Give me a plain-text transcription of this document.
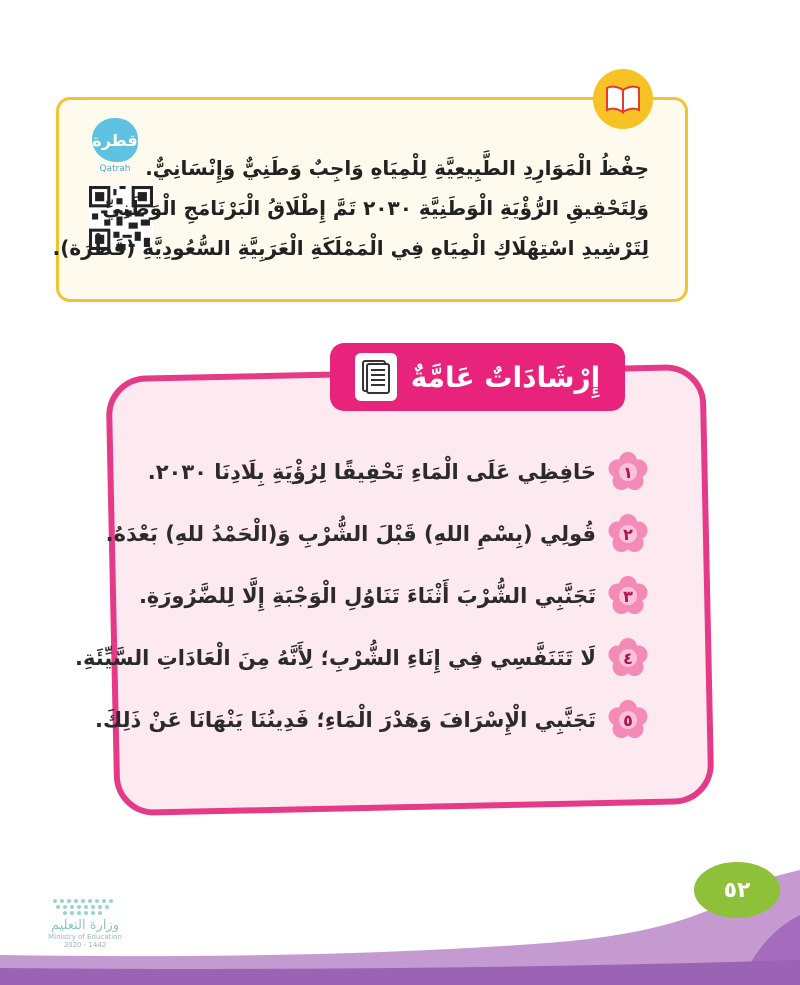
قطرة
Qatrah حِفْظُ الْمَوَارِدِ الطَّبِيعِيَّةِ لِلْمِيَاهِ وَاجِبٌ وَطَنِيٌّ وَإِنْسَانِيٌّ.
وَلِتَحْقِيقِ الرُّؤْيَةِ الْوَطَنِيَّةِ ٢٠٣٠ تَمَّ إِطْلَاقُ الْبَرْنَامَجِ الْوَطَنِيِّ
لِتَرْشِيدِ اسْتِهْلَاكِ الْمِيَاهِ فِي الْمَمْلَكَةِ الْعَرَبِيَّةِ السُّعُودِيَّةِ (قَطْرَة).
إِرْشَادَاتٌ عَامَّةٌ
١
حَافِظِي عَلَى الْمَاءِ تَحْقِيقًا لِرُؤْيَةِ بِلَادِنَا ٢٠٣٠.
٢
قُولِي (بِسْمِ اللهِ) قَبْلَ الشُّرْبِ وَ(الْحَمْدُ للهِ) بَعْدَهُ.
٣
تَجَنَّبِي الشُّرْبَ أَثْنَاءَ تَنَاوُلِ الْوَجْبَةِ إِلَّا لِلضَّرُورَةِ.
٤
لَا تَتَنَفَّسِي فِي إِنَاءِ الشُّرْبِ؛ لِأَنَّهُ مِنَ الْعَادَاتِ السَّيِّئَةِ.
٥
تَجَنَّبِي الْإِسْرَافَ وَهَدْرَ الْمَاءِ؛ فَدِينُنَا يَنْهَانَا عَنْ ذَلِكَ.
وزارة التعليم
Ministry of Education
2020 - 1442
٥٢
